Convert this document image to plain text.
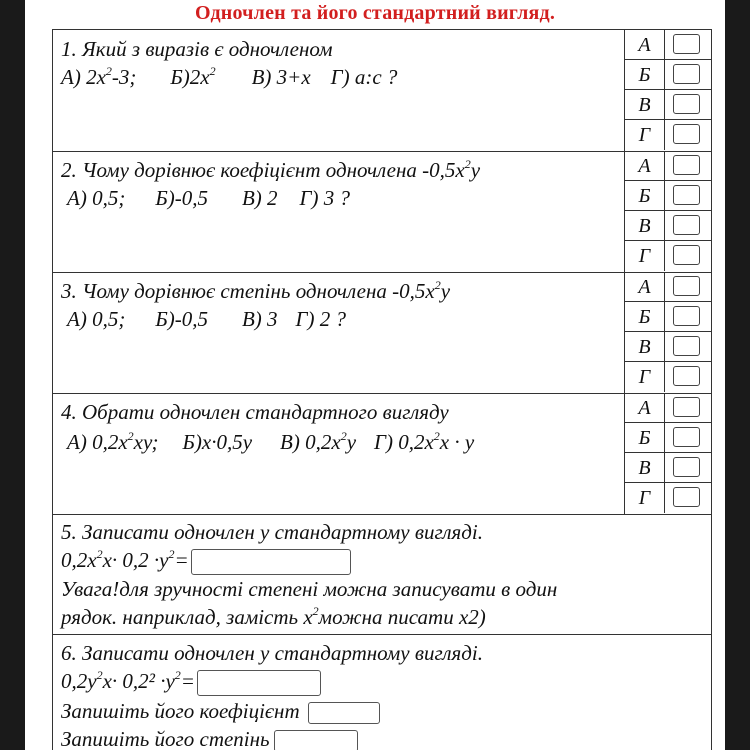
Одночлен та його стандартний вигляд.
1. Який з виразів є одночленом
А) $2х^2-3$; $Б)2х^2$ В) 3+х Г) а:с ?
А
Б
В
Г
2. Чому дорівнює коефіцієнт одночлена $-0,5х^2у$
А) 0,5; Б)-0,5 В) 2 Г) 3 ?
А
Б
В
Г
3. Чому дорівнює степінь одночлена $-0,5х^2у$
А) 0,5; Б)-0,5 В) 3 Г) 2 ?
А
Б
В
Г
4. Обрати одночлен стандартного вигляду
А) $0,2х^2ху$; Б)х·0,5у В) $0,2х^2у$ Г) $0,2х^2х \cdot у$
А
Б
В
Г
5. Записати одночлен у стандартному вигляді.
$0,2х^2х\cdot 0,2 \cdot у^2=$
Увага!для зручності степені можна записувати в один
рядок. наприклад, замість $х^2можна$ писати х2)
6. Записати одночлен у стандартному вигляді.
$0,2у^2х\cdot 0,2^2 \cdot у^2=$
Запишіть його коефіцієнт
Запишіть його степінь
